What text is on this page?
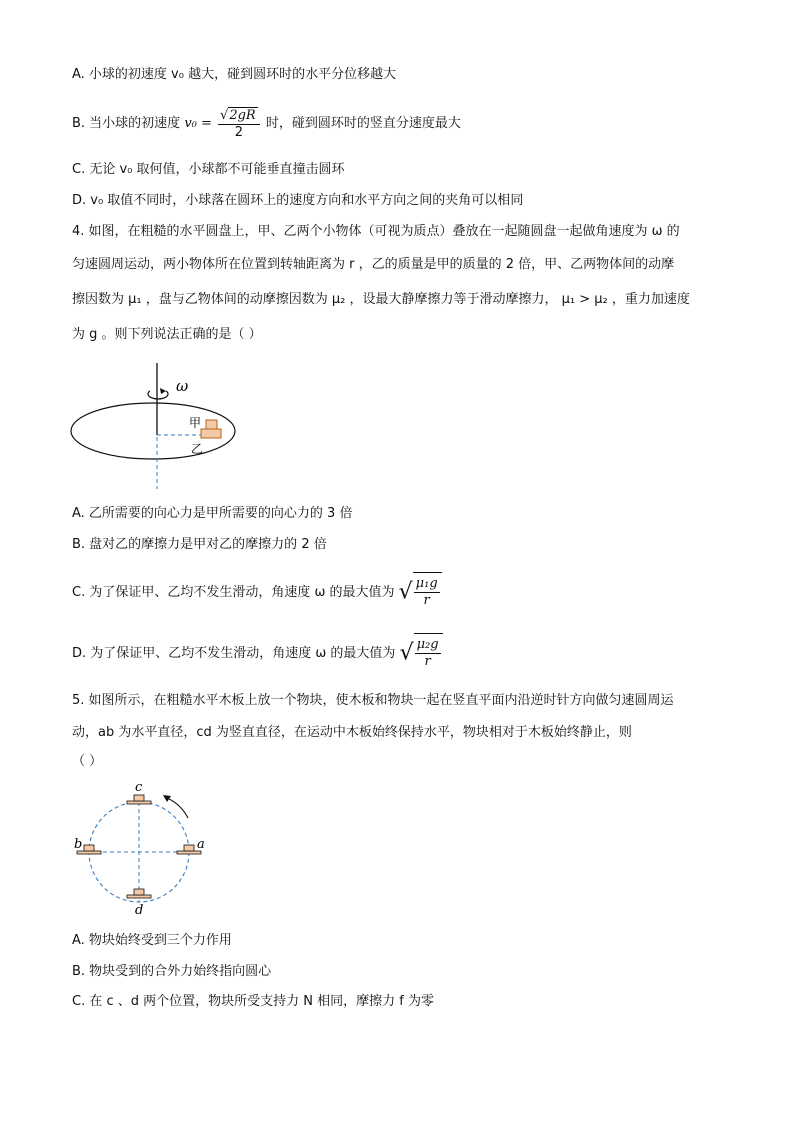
A. 小球的初速度 v₀ 越大，碰到圆环时的水平分位移越大
B. 当小球的初速度 $v_0 = \frac{√2gR}{2}$ 时，碰到圆环时的竖直分速度最大
C. 无论 v₀ 取何值，小球都不可能垂直撞击圆环
D. v₀ 取值不同时，小球落在圆环上的速度方向和水平方向之间的夹角可以相同
4. 如图，在粗糙的水平圆盘上，甲、乙两个小物体（可视为质点）叠放在一起随圆盘一起做角速度为 ω 的
匀速圆周运动，两小物体所在位置到转轴距离为 r ，乙的质量是甲的质量的 2 倍，甲、乙两物体间的动摩
擦因数为 μ₁ ，盘与乙物体间的动摩擦因数为 μ₂ ，设最大静摩擦力等于滑动摩擦力， μ₁ > μ₂ ，重力加速度
为 g 。则下列说法正确的是（ ）
ω
甲
乙
A. 乙所需要的向心力是甲所需要的向心力的 3 倍
B. 盘对乙的摩擦力是甲对乙的摩擦力的 2 倍
C. 为了保证甲、乙均不发生滑动，角速度 ω 的最大值为 √ $\frac{\text{μ₁g}}{r}$
D. 为了保证甲、乙均不发生滑动，角速度 ω 的最大值为 √ $\frac{\text{μ₂g}}{r}$
5. 如图所示，在粗糙水平木板上放一个物块，使木板和物块一起在竖直平面内沿逆时针方向做匀速圆周运
动，ab 为水平直径，cd 为竖直直径，在运动中木板始终保持水平，物块相对于木板始终静止，则
（ ）
c
d
a
b
A. 物块始终受到三个力作用
B. 物块受到的合外力始终指向圆心
C. 在 c 、d 两个位置，物块所受支持力 N 相同，摩擦力 f 为零
